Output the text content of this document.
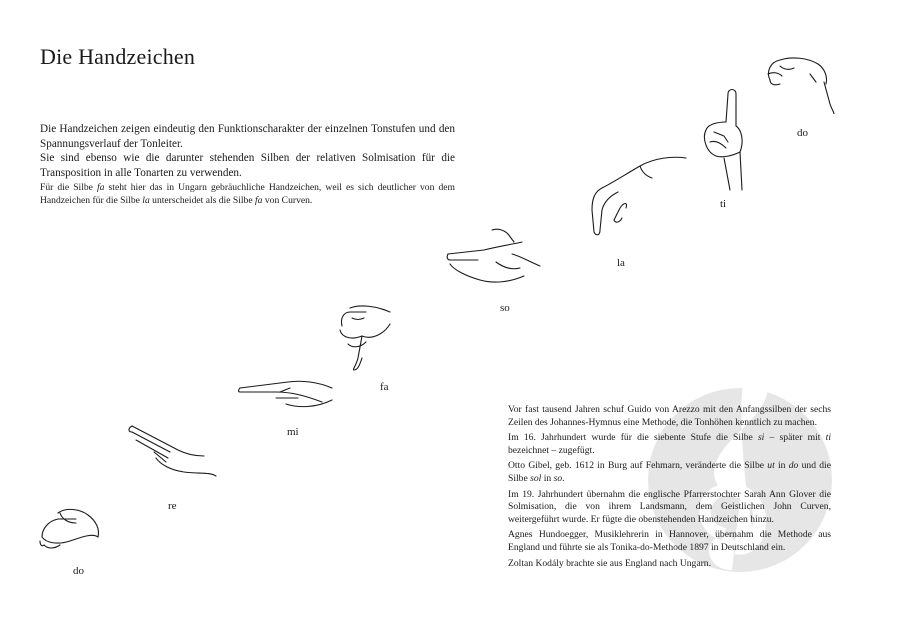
Die Handzeichen

Die Handzeichen zeigen eindeutig den Funktionscharakter der einzelnen Tonstufen und den Spannungsverlauf der Tonleiter.

Sie sind ebenso wie die darunter stehenden Silben der relativen Solmisation für die Transposition in alle Tonarten zu verwenden.

Für die Silbe fa steht hier das in Ungarn gebräuchliche Handzeichen, weil es sich deutlicher von dem Handzeichen für die Silbe la unterscheidet als die Silbe fa von Curven.

do
re
mi
fa
so
la
ti
do

Vor fast tausend Jahren schuf Guido von Arezzo mit den Anfangssilben der sechs Zeilen des Johannes-Hymnus eine Methode, die Tonhöhen kenntlich zu machen.

Im 16. Jahrhundert wurde für die siebente Stufe die Silbe si – später mit ti bezeichnet – zugefügt.

Otto Gibel, geb. 1612 in Burg auf Fehmarn, veränderte die Silbe ut in do und die Silbe sol in so.

Im 19. Jahrhundert übernahm die englische Pfarrerstochter Sarah Ann Glover die Solmisation, die von ihrem Landsmann, dem Geistlichen John Curven, weitergeführt wurde. Er fügte die obenstehenden Handzeichen hinzu.

Agnes Hundoegger, Musiklehrerin in Hannover, übernahm die Methode aus England und führte sie als Tonika-do-Methode 1897 in Deutschland ein.

Zoltan Kodály brachte sie aus England nach Ungarn.
